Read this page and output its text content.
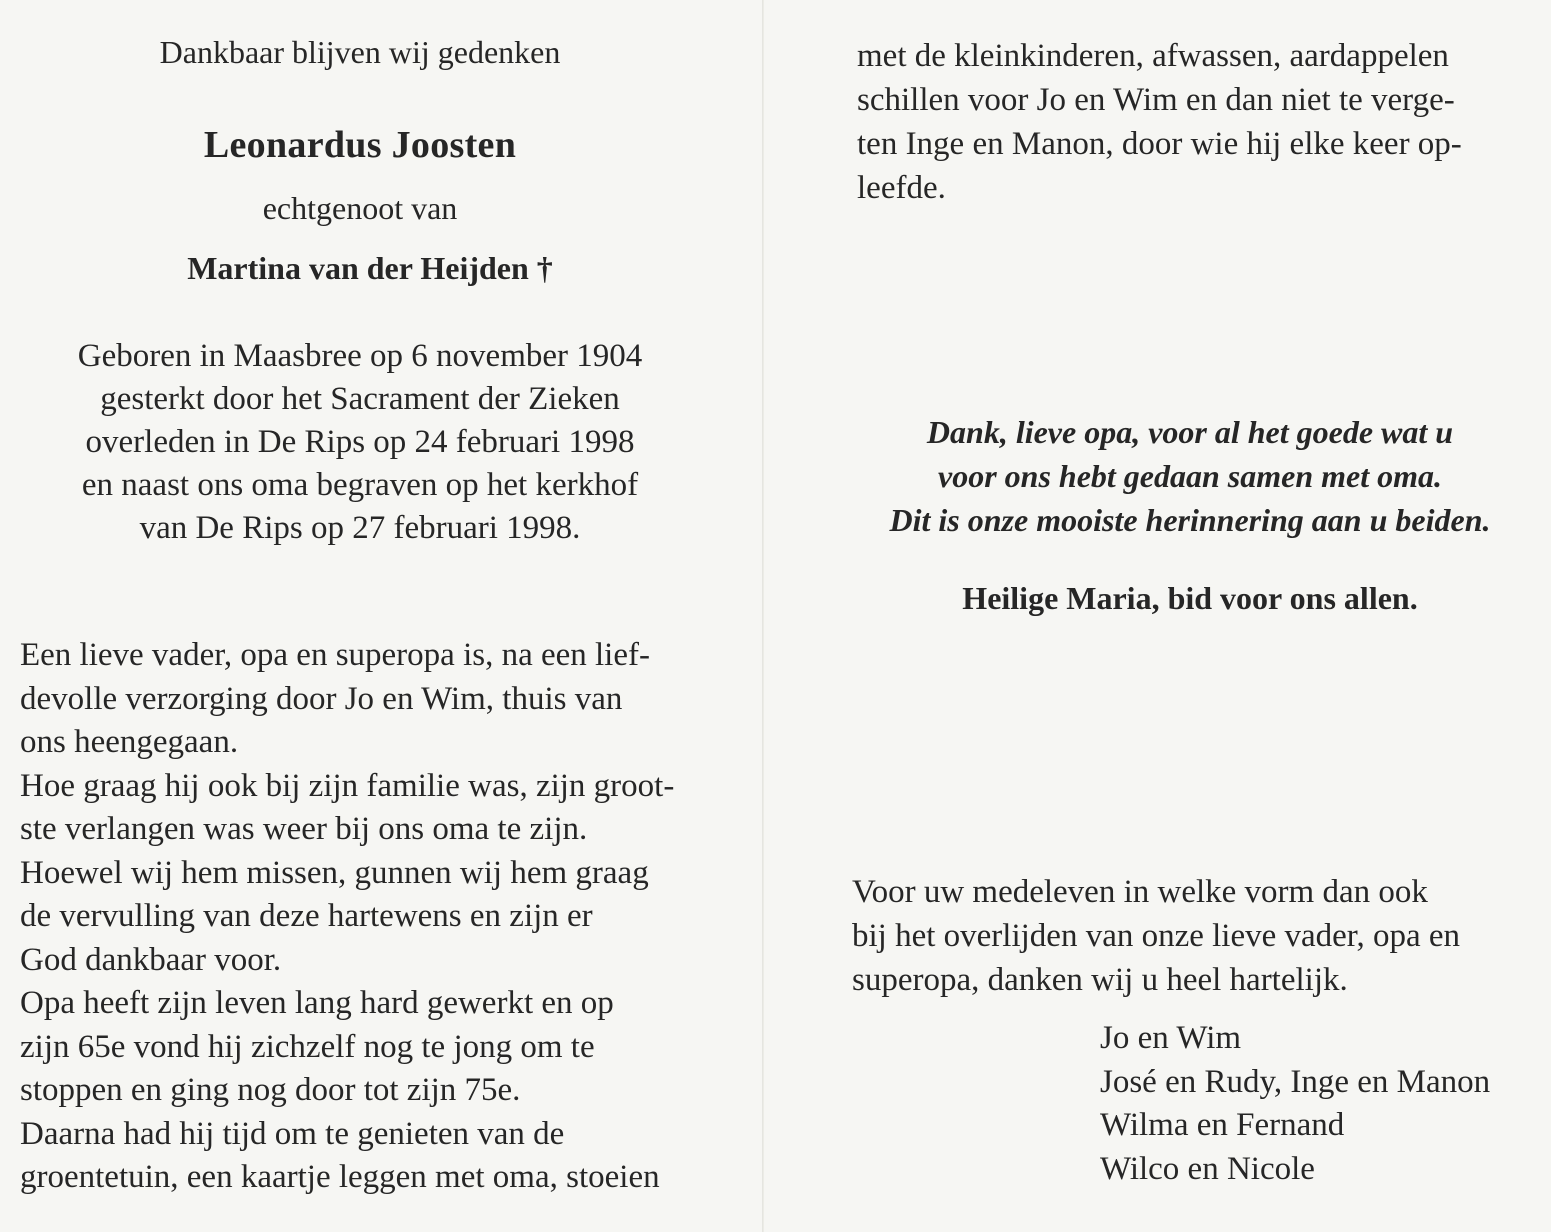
Dankbaar blijven wij gedenken
Leonardus Joosten
echtgenoot van
Martina van der Heijden †
Geboren in Maasbree op 6 november 1904
gesterkt door het Sacrament der Zieken
overleden in De Rips op 24 februari 1998
en naast ons oma begraven op het kerkhof
van De Rips op 27 februari 1998.
Een lieve vader, opa en superopa is, na een lief-
devolle verzorging door Jo en Wim, thuis van
ons heengegaan.
Hoe graag hij ook bij zijn familie was, zijn groot-
ste verlangen was weer bij ons oma te zijn.
Hoewel wij hem missen, gunnen wij hem graag
de vervulling van deze hartewens en zijn er
God dankbaar voor.
Opa heeft zijn leven lang hard gewerkt en op
zijn 65e vond hij zichzelf nog te jong om te
stoppen en ging nog door tot zijn 75e.
Daarna had hij tijd om te genieten van de
groentetuin, een kaartje leggen met oma, stoeien
met de kleinkinderen, afwassen, aardappelen
schillen voor Jo en Wim en dan niet te verge-
ten Inge en Manon, door wie hij elke keer op-
leefde.
Dank, lieve opa, voor al het goede wat u
voor ons hebt gedaan samen met oma.
Dit is onze mooiste herinnering aan u beiden.
Heilige Maria, bid voor ons allen.
Voor uw medeleven in welke vorm dan ook
bij het overlijden van onze lieve vader, opa en
superopa, danken wij u heel hartelijk.
Jo en Wim
José en Rudy, Inge en Manon
Wilma en Fernand
Wilco en Nicole
